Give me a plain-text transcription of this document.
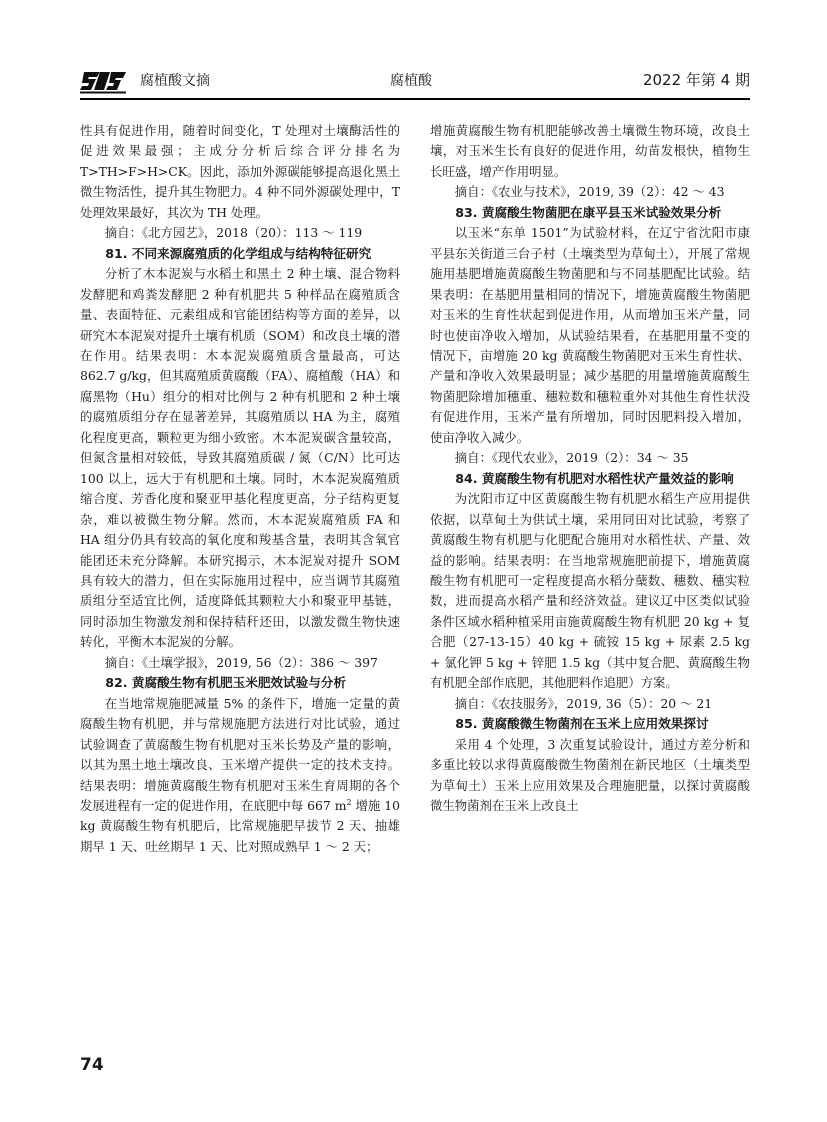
腐植酸文摘	腐植酸	2022 年第 4 期

性具有促进作用，随着时间变化，T 处理对土壤酶活性的促进效果最强；主成分分析后综合评分排名为 T>TH>F>H>CK。因此，添加外源碳能够提高退化黑土微生物活性，提升其生物肥力。4 种不同外源碳处理中，T 处理效果最好，其次为 TH 处理。

摘自：《北方园艺》，2018（20）：113 ～ 119

81. 不同来源腐殖质的化学组成与结构特征研究

分析了木本泥炭与水稻土和黑土 2 种土壤、混合物料发酵肥和鸡粪发酵肥 2 种有机肥共 5 种样品在腐殖质含量、表面特征、元素组成和官能团结构等方面的差异，以研究木本泥炭对提升土壤有机质（SOM）和改良土壤的潜在作用。结果表明：木本泥炭腐殖质含量最高，可达 862.7 g/kg，但其腐殖质黄腐酸（FA）、腐植酸（HA）和腐黑物（Hu）组分的相对比例与 2 种有机肥和 2 种土壤的腐殖质组分存在显著差异，其腐殖质以 HA 为主，腐殖化程度更高，颗粒更为细小致密。木本泥炭碳含量较高，但氮含量相对较低，导致其腐殖质碳 / 氮（C/N）比可达 100 以上，远大于有机肥和土壤。同时，木本泥炭腐殖质缩合度、芳香化度和聚亚甲基化程度更高，分子结构更复杂，难以被微生物分解。然而，木本泥炭腐殖质 FA 和 HA 组分仍具有较高的氧化度和羧基含量，表明其含氧官能团还未充分降解。本研究揭示，木本泥炭对提升 SOM 具有较大的潜力，但在实际施用过程中，应当调节其腐殖质组分至适宜比例，适度降低其颗粒大小和聚亚甲基链，同时添加生物激发剂和保持秸秆还田，以激发微生物快速转化，平衡木本泥炭的分解。

摘自：《土壤学报》，2019, 56（2）：386 ～ 397

82. 黄腐酸生物有机肥玉米肥效试验与分析

在当地常规施肥减量 5% 的条件下，增施一定量的黄腐酸生物有机肥，并与常规施肥方法进行对比试验，通过试验调查了黄腐酸生物有机肥对玉米长势及产量的影响，以其为黑土地土壤改良、玉米增产提供一定的技术支持。结果表明：增施黄腐酸生物有机肥对玉米生育周期的各个发展进程有一定的促进作用，在底肥中每 667 $m^2$ 增施 10 kg 黄腐酸生物有机肥后，比常规施肥早拔节 2 天、抽雄期早 1 天、吐丝期早 1 天、比对照成熟早 1 ～ 2 天；

增施黄腐酸生物有机肥能够改善土壤微生物环境，改良土壤，对玉米生长有良好的促进作用，幼苗发根快，植物生长旺盛，增产作用明显。

摘自：《农业与技术》，2019, 39（2）：42 ～ 43

83. 黄腐酸生物菌肥在康平县玉米试验效果分析

以玉米“东单 1501”为试验材料，在辽宁省沈阳市康平县东关街道三台子村（土壤类型为草甸土），开展了常规施用基肥增施黄腐酸生物菌肥和与不同基肥配比试验。结果表明：在基肥用量相同的情况下，增施黄腐酸生物菌肥对玉米的生育性状起到促进作用，从而增加玉米产量，同时也使亩净收入增加，从试验结果看，在基肥用量不变的情况下，亩增施 20 kg 黄腐酸生物菌肥对玉米生育性状、产量和净收入效果最明显；减少基肥的用量增施黄腐酸生物菌肥除增加穗重、穗粒数和穗粒重外对其他生育性状没有促进作用，玉米产量有所增加，同时因肥料投入增加，使亩净收入减少。

摘自：《现代农业》，2019（2）：34 ～ 35

84. 黄腐酸生物有机肥对水稻性状产量效益的影响

为沈阳市辽中区黄腐酸生物有机肥水稻生产应用提供依据，以草甸土为供试土壤，采用同田对比试验，考察了黄腐酸生物有机肥与化肥配合施用对水稻性状、产量、效益的影响。结果表明：在当地常规施肥前提下，增施黄腐酸生物有机肥可一定程度提高水稻分蘖数、穗数、穗实粒数，进而提高水稻产量和经济效益。建议辽中区类似试验条件区域水稻种植采用亩施黄腐酸生物有机肥 20 kg + 复合肥（27-13-15）40 kg + 硫铵 15 kg + 尿素 2.5 kg + 氯化钾 5 kg + 锌肥 1.5 kg（其中复合肥、黄腐酸生物有机肥全部作底肥，其他肥料作追肥）方案。

摘自：《农技服务》，2019, 36（5）：20 ～ 21

85. 黄腐酸微生物菌剂在玉米上应用效果探讨

采用 4 个处理，3 次重复试验设计，通过方差分析和多重比较以求得黄腐酸微生物菌剂在新民地区（土壤类型为草甸土）玉米上应用效果及合理施肥量，以探讨黄腐酸微生物菌剂在玉米上改良土

74
